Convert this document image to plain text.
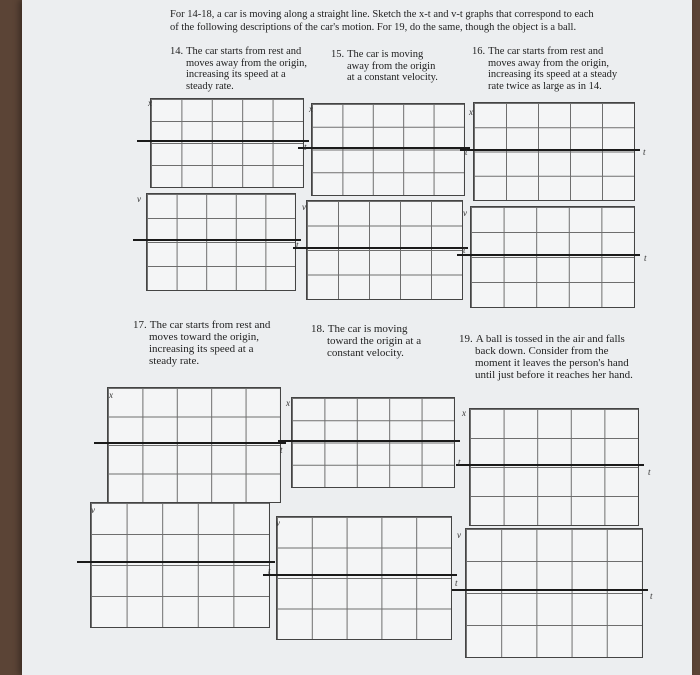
For 14-18, a car is moving along a straight line. Sketch the x-t and v-t graphs that correspond to each
of the following descriptions of the car's motion. For 19, do the same, though the object is a ball.
14. The car starts from rest and
moves away from the origin,
increasing its speed at a
steady rate.
15. The car is moving
away from the origin
at a constant velocity.
16. The car starts from rest and
moves away from the origin,
increasing its speed at a steady
rate twice as large as in 14.
17. The car starts from rest and
moves toward the origin,
increasing its speed at a
steady rate.
18. The car is moving
toward the origin at a
constant velocity.
19. A ball is tossed in the air and falls
back down. Consider from the
moment it leaves the person's hand
until just before it reaches her hand.
x
t
x
t
x
t
v
t
v
t
v
t
x
t
x
t
x
t
v
t
v
t
v
t
